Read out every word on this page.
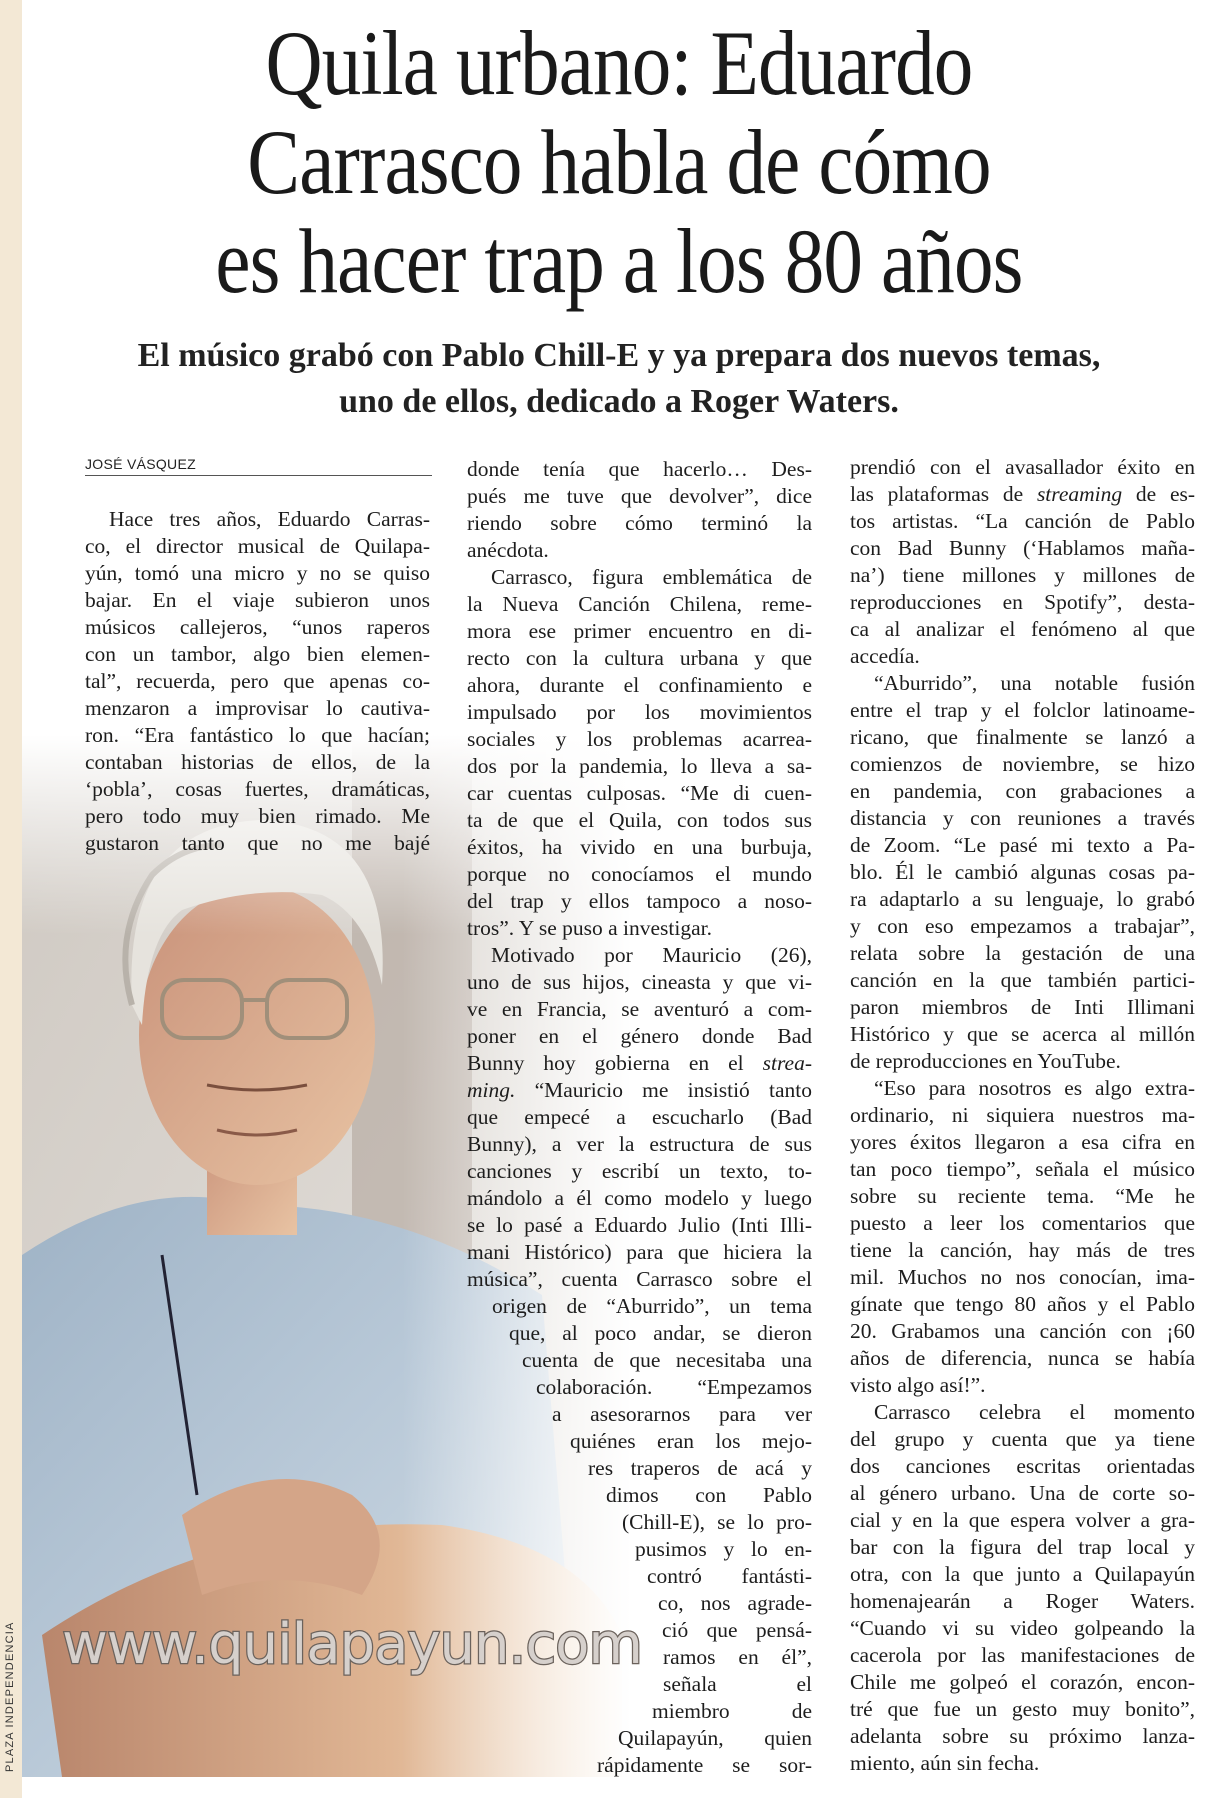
PLAZA INDEPENDENCIA
Quila urbano: Eduardo
Carrasco habla de cómo
es hacer trap a los 80 años
El músico grabó con Pablo Chill-E y ya prepara dos nuevos temas,
uno de ellos, dedicado a Roger Waters.
JOSÉ VÁSQUEZ
www.quilapayun.com
Hace tres años, Eduardo Carras-
co, el director musical de Quilapa-
yún, tomó una micro y no se quiso
bajar. En el viaje subieron unos
músicos callejeros, “unos raperos
con un tambor, algo bien elemen-
tal”, recuerda, pero que apenas co-
menzaron a improvisar lo cautiva-
ron. “Era fantástico lo que hacían;
contaban historias de ellos, de la
‘pobla’, cosas fuertes, dramáticas,
pero todo muy bien rimado. Me
gustaron tanto que no me bajé
donde tenía que hacerlo… Des-
pués me tuve que devolver”, dice
riendo sobre cómo terminó la
anécdota.
Carrasco, figura emblemática de
la Nueva Canción Chilena, reme-
mora ese primer encuentro en di-
recto con la cultura urbana y que
ahora, durante el confinamiento e
impulsado por los movimientos
sociales y los problemas acarrea-
dos por la pandemia, lo lleva a sa-
car cuentas culposas. “Me di cuen-
ta de que el Quila, con todos sus
éxitos, ha vivido en una burbuja,
porque no conocíamos el mundo
del trap y ellos tampoco a noso-
tros”. Y se puso a investigar.
Motivado por Mauricio (26),
uno de sus hijos, cineasta y que vi-
ve en Francia, se aventuró a com-
poner en el género donde Bad
Bunny hoy gobierna en el strea-
ming. “Mauricio me insistió tanto
que empecé a escucharlo (Bad
Bunny), a ver la estructura de sus
canciones y escribí un texto, to-
mándolo a él como modelo y luego
se lo pasé a Eduardo Julio (Inti Illi-
mani Histórico) para que hiciera la
música”, cuenta Carrasco sobre el
origen de “Aburrido”, un tema
que, al poco andar, se dieron
cuenta de que necesitaba una
colaboración. “Empezamos
a asesorarnos para ver
quiénes eran los mejo-
res traperos de acá y
dimos con Pablo
(Chill-E), se lo pro-
pusimos y lo en-
contró fantásti-
co, nos agrade-
ció que pensá-
ramos en él”,
señala el
miembro de
Quilapayún, quien
rápidamente se sor-
prendió con el avasallador éxito en
las plataformas de streaming de es-
tos artistas. “La canción de Pablo
con Bad Bunny (‘Hablamos maña-
na’) tiene millones y millones de
reproducciones en Spotify”, desta-
ca al analizar el fenómeno al que
accedía.
“Aburrido”, una notable fusión
entre el trap y el folclor latinoame-
ricano, que finalmente se lanzó a
comienzos de noviembre, se hizo
en pandemia, con grabaciones a
distancia y con reuniones a través
de Zoom. “Le pasé mi texto a Pa-
blo. Él le cambió algunas cosas pa-
ra adaptarlo a su lenguaje, lo grabó
y con eso empezamos a trabajar”,
relata sobre la gestación de una
canción en la que también partici-
paron miembros de Inti Illimani
Histórico y que se acerca al millón
de reproducciones en YouTube.
“Eso para nosotros es algo extra-
ordinario, ni siquiera nuestros ma-
yores éxitos llegaron a esa cifra en
tan poco tiempo”, señala el músico
sobre su reciente tema. “Me he
puesto a leer los comentarios que
tiene la canción, hay más de tres
mil. Muchos no nos conocían, ima-
gínate que tengo 80 años y el Pablo
20. Grabamos una canción con ¡60
años de diferencia, nunca se había
visto algo así!”.
Carrasco celebra el momento
del grupo y cuenta que ya tiene
dos canciones escritas orientadas
al género urbano. Una de corte so-
cial y en la que espera volver a gra-
bar con la figura del trap local y
otra, con la que junto a Quilapayún
homenajearán a Roger Waters.
“Cuando vi su video golpeando la
cacerola por las manifestaciones de
Chile me golpeó el corazón, encon-
tré que fue un gesto muy bonito”,
adelanta sobre su próximo lanza-
miento, aún sin fecha.
